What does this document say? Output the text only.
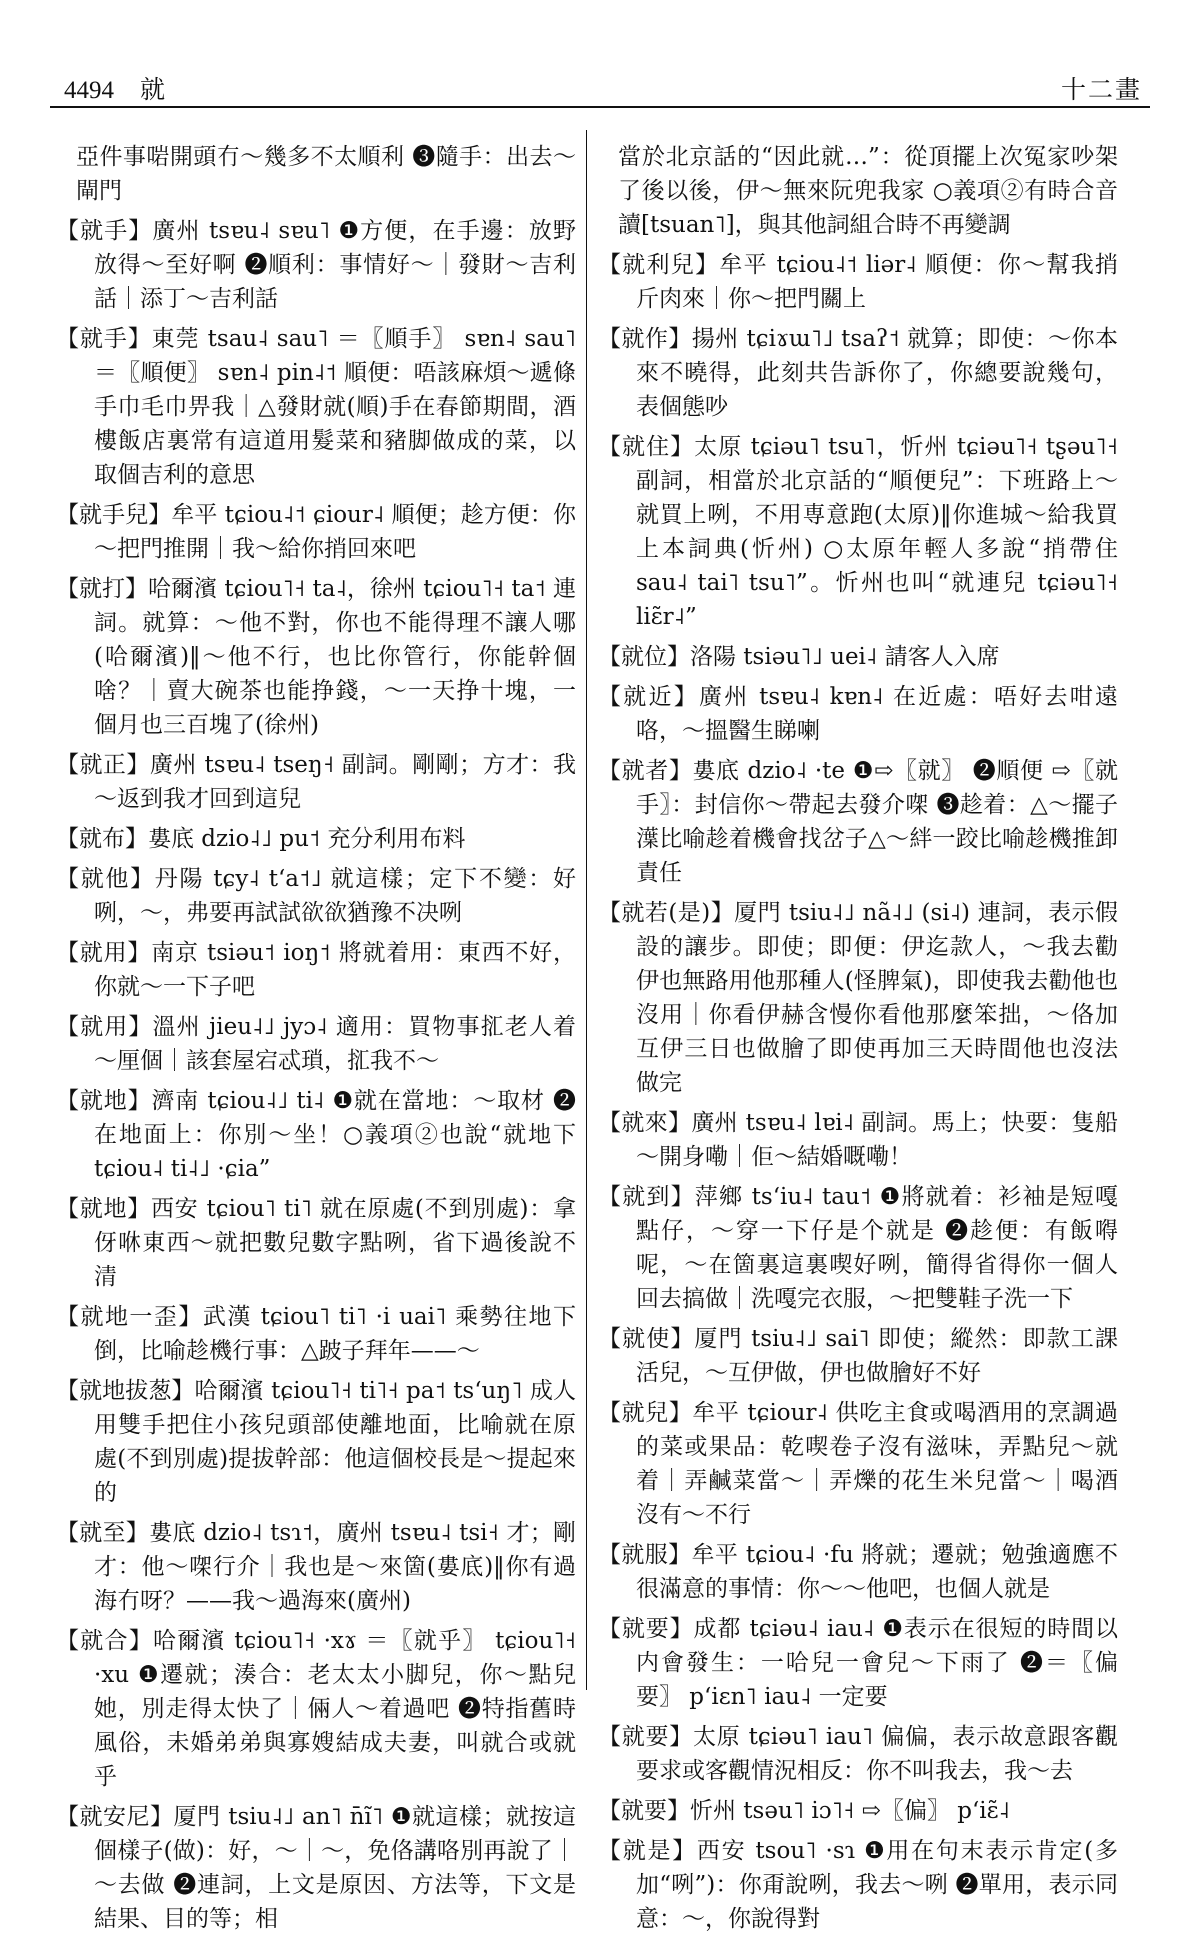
4494 就	十二畫

亞件事啱開頭冇～幾多不太順利 ❸隨手：出去～閘門

【就手】廣州 tsɐu˨ sɐu˥ ❶方便，在手邊：放野放得～至好啊 ❷順利：事情好～｜發財～吉利話｜添丁～吉利話

【就手】東莞 tsau˨ sau˥ ＝〖順手〗 sɐn˨ sau˥ ＝〖順便〗 sɐn˨ pin˨˦ 順便：唔該麻煩～遞條手巾毛巾畀我｜△發財就(順)手在春節期間，酒樓飯店裏常有這道用髮菜和豬脚做成的菜，以取個吉利的意思

【就手兒】牟平 tɕiou˨˦ ɕiour˨ 順便；趁方便：你～把門推開｜我～給你捎回來吧

【就打】哈爾濱 tɕiou˥˧ ta˨，徐州 tɕiou˥˧ ta˦ 連詞。就算：～他不對，你也不能得理不讓人哪(哈爾濱)‖～他不行，也比你管行，你能幹個啥？｜賣大碗茶也能挣錢，～一天挣十塊，一個月也三百塊了(徐州)

【就正】廣州 tsɐu˨ tseŋ˧ 副詞。剛剛；方才：我～返到我才回到這兒

【就布】婁底 dzio˨˩ pu˦ 充分利用布料

【就他】丹陽 tɕy˨ tʻa˦˩ 就這樣；定下不變：好咧，～，弗要再試試欲欲猶豫不决咧

【就用】南京 tsiəu˦ ioŋ˦ 將就着用：東西不好，你就～一下子吧

【就用】溫州 jieu˨˩ jyɔ˨ 適用：買物事㧟老人着～厘個｜該套屋宕忒瑣，㧟我不～

【就地】濟南 tɕiou˨˩ ti˨ ❶就在當地：～取材 ❷在地面上：你別～坐！○義項②也說“就地下 tɕiou˨ ti˨˩ ·ɕia”

【就地】西安 tɕiou˥ ti˥ 就在原處(不到別處)：拿伢咻東西～就把數兒數字點咧，省下過後說不清

【就地一歪】武漢 tɕiou˥ ti˥ ·i uai˥ 乘勢往地下倒，比喻趁機行事：△跛子拜年——～

【就地拔葱】哈爾濱 tɕiou˥˧ ti˥˧ pa˦ tsʻuŋ˥ 成人用雙手把住小孩兒頭部使離地面，比喻就在原處(不到別處)提拔幹部：他這個校長是～提起來的

【就至】婁底 dzio˨ tsɿ˦，廣州 tsɐu˨ tsi˧ 才；剛才：他～㗎行介｜我也是～來箇(婁底)‖你有過海冇呀？——我～過海來(廣州)

【就合】哈爾濱 tɕiou˥˧ ·xɤ ＝〖就乎〗 tɕiou˥˧ ·xu ❶遷就；湊合：老太太小脚兒，你～點兒她，別走得太快了｜倆人～着過吧 ❷特指舊時風俗，未婚弟弟與寡嫂結成夫妻，叫就合或就乎

【就安尼】厦門 tsiu˨˩ an˥ n̄ĩ˥ ❶就這樣；就按這個樣子(做)：好，～｜～，免佫講咯別再說了｜～去做 ❷連詞，上文是原因、方法等，下文是結果、目的等；相

當於北京話的“因此就…”：從頂擺上次冤家吵架了後以後，伊～無來阮兜我家 ○義項②有時合音讀[tsuan˥]，與其他詞組合時不再變調

【就利兒】牟平 tɕiou˨˦ liər˨ 順便：你～幫我捎斤肉來｜你～把門關上

【就作】揚州 tɕiɤɯ˥˩ tsaʔ˦ 就算；即使：～你本來不曉得，此刻共告訴你了，你總要說幾句，表個態吵

【就住】太原 tɕiəu˥ tsu˥，忻州 tɕiəu˥˧ tʂəu˥˧ 副詞，相當於北京話的“順便兒”：下班路上～就買上咧，不用専意跑(太原)‖你進城～給我買上本詞典(忻州) ○太原年輕人多說“捎帶住 sau˨ tai˥ tsu˥”。忻州也叫“就連兒 tɕiəu˥˧ liɛ̃r˨”

【就位】洛陽 tsiəu˥˩ uei˨ 請客人入席

【就近】廣州 tsɐu˨ kɐn˨ 在近處：唔好去咁遠咯，～搵醫生睇喇

【就者】婁底 dzio˨ ·te ❶⇨〖就〗 ❷順便 ⇨〖就手〗：封信你～帶起去發介㗎 ❸趁着：△～擺子㵩比喻趁着機會找岔子△～絆一跤比喻趁機推卸責任

【就若(是)】厦門 tsiu˨˩ nã˨˩ (si˨) 連詞，表示假設的讓步。即使；即便：伊迄款人，～我去勸伊也無路用他那種人(怪脾氣)，即使我去勸他也沒用｜你看伊赫含慢你看他那麼笨拙，～佫加互伊三日也做膾了即使再加三天時間他也沒法做完

【就來】廣州 tsɐu˨ lɐi˨ 副詞。馬上；快要：隻船～開身嘞｜佢～結婚嘅嘞！

【就到】萍鄉 tsʻiu˨ tau˦ ❶將就着：衫袖是短嘎點仔，～穿一下仔是个就是 ❷趁便：有飯嘚呢，～在箇裏這裏喫好咧，簡得省得你一個人回去搞做｜洗嘎完衣服，～把雙鞋子洗一下

【就使】厦門 tsiu˨˩ sai˥ 即使；縱然：即款工課活兒，～互伊做，伊也做膾好不好

【就兒】牟平 tɕiour˨ 供吃主食或喝酒用的烹調過的菜或果品：乾喫卷子沒有滋味，弄點兒～就着｜弄鹹菜當～｜弄爍的花生米兒當～｜喝酒沒有～不行

【就服】牟平 tɕiou˨ ·fu 將就；遷就；勉強適應不很滿意的事情：你～～他吧，也個人就是

【就要】成都 tɕiəu˨ iau˨ ❶表示在很短的時間以内會發生：一哈兒一會兒～下雨了 ❷＝〖偏要〗 pʻiɛn˥ iau˨ 一定要

【就要】太原 tɕiəu˥ iau˥ 偏偏，表示故意跟客觀要求或客觀情況相反：你不叫我去，我～去

【就要】忻州 tsəu˥ iɔ˥˧ ⇨〖偏〗 pʻiɛ̃˨

【就是】西安 tsou˥ ·sɿ ❶用在句末表示肯定(多加“咧”)：你甭說咧，我去～咧 ❷單用，表示同意：～，你說得對
